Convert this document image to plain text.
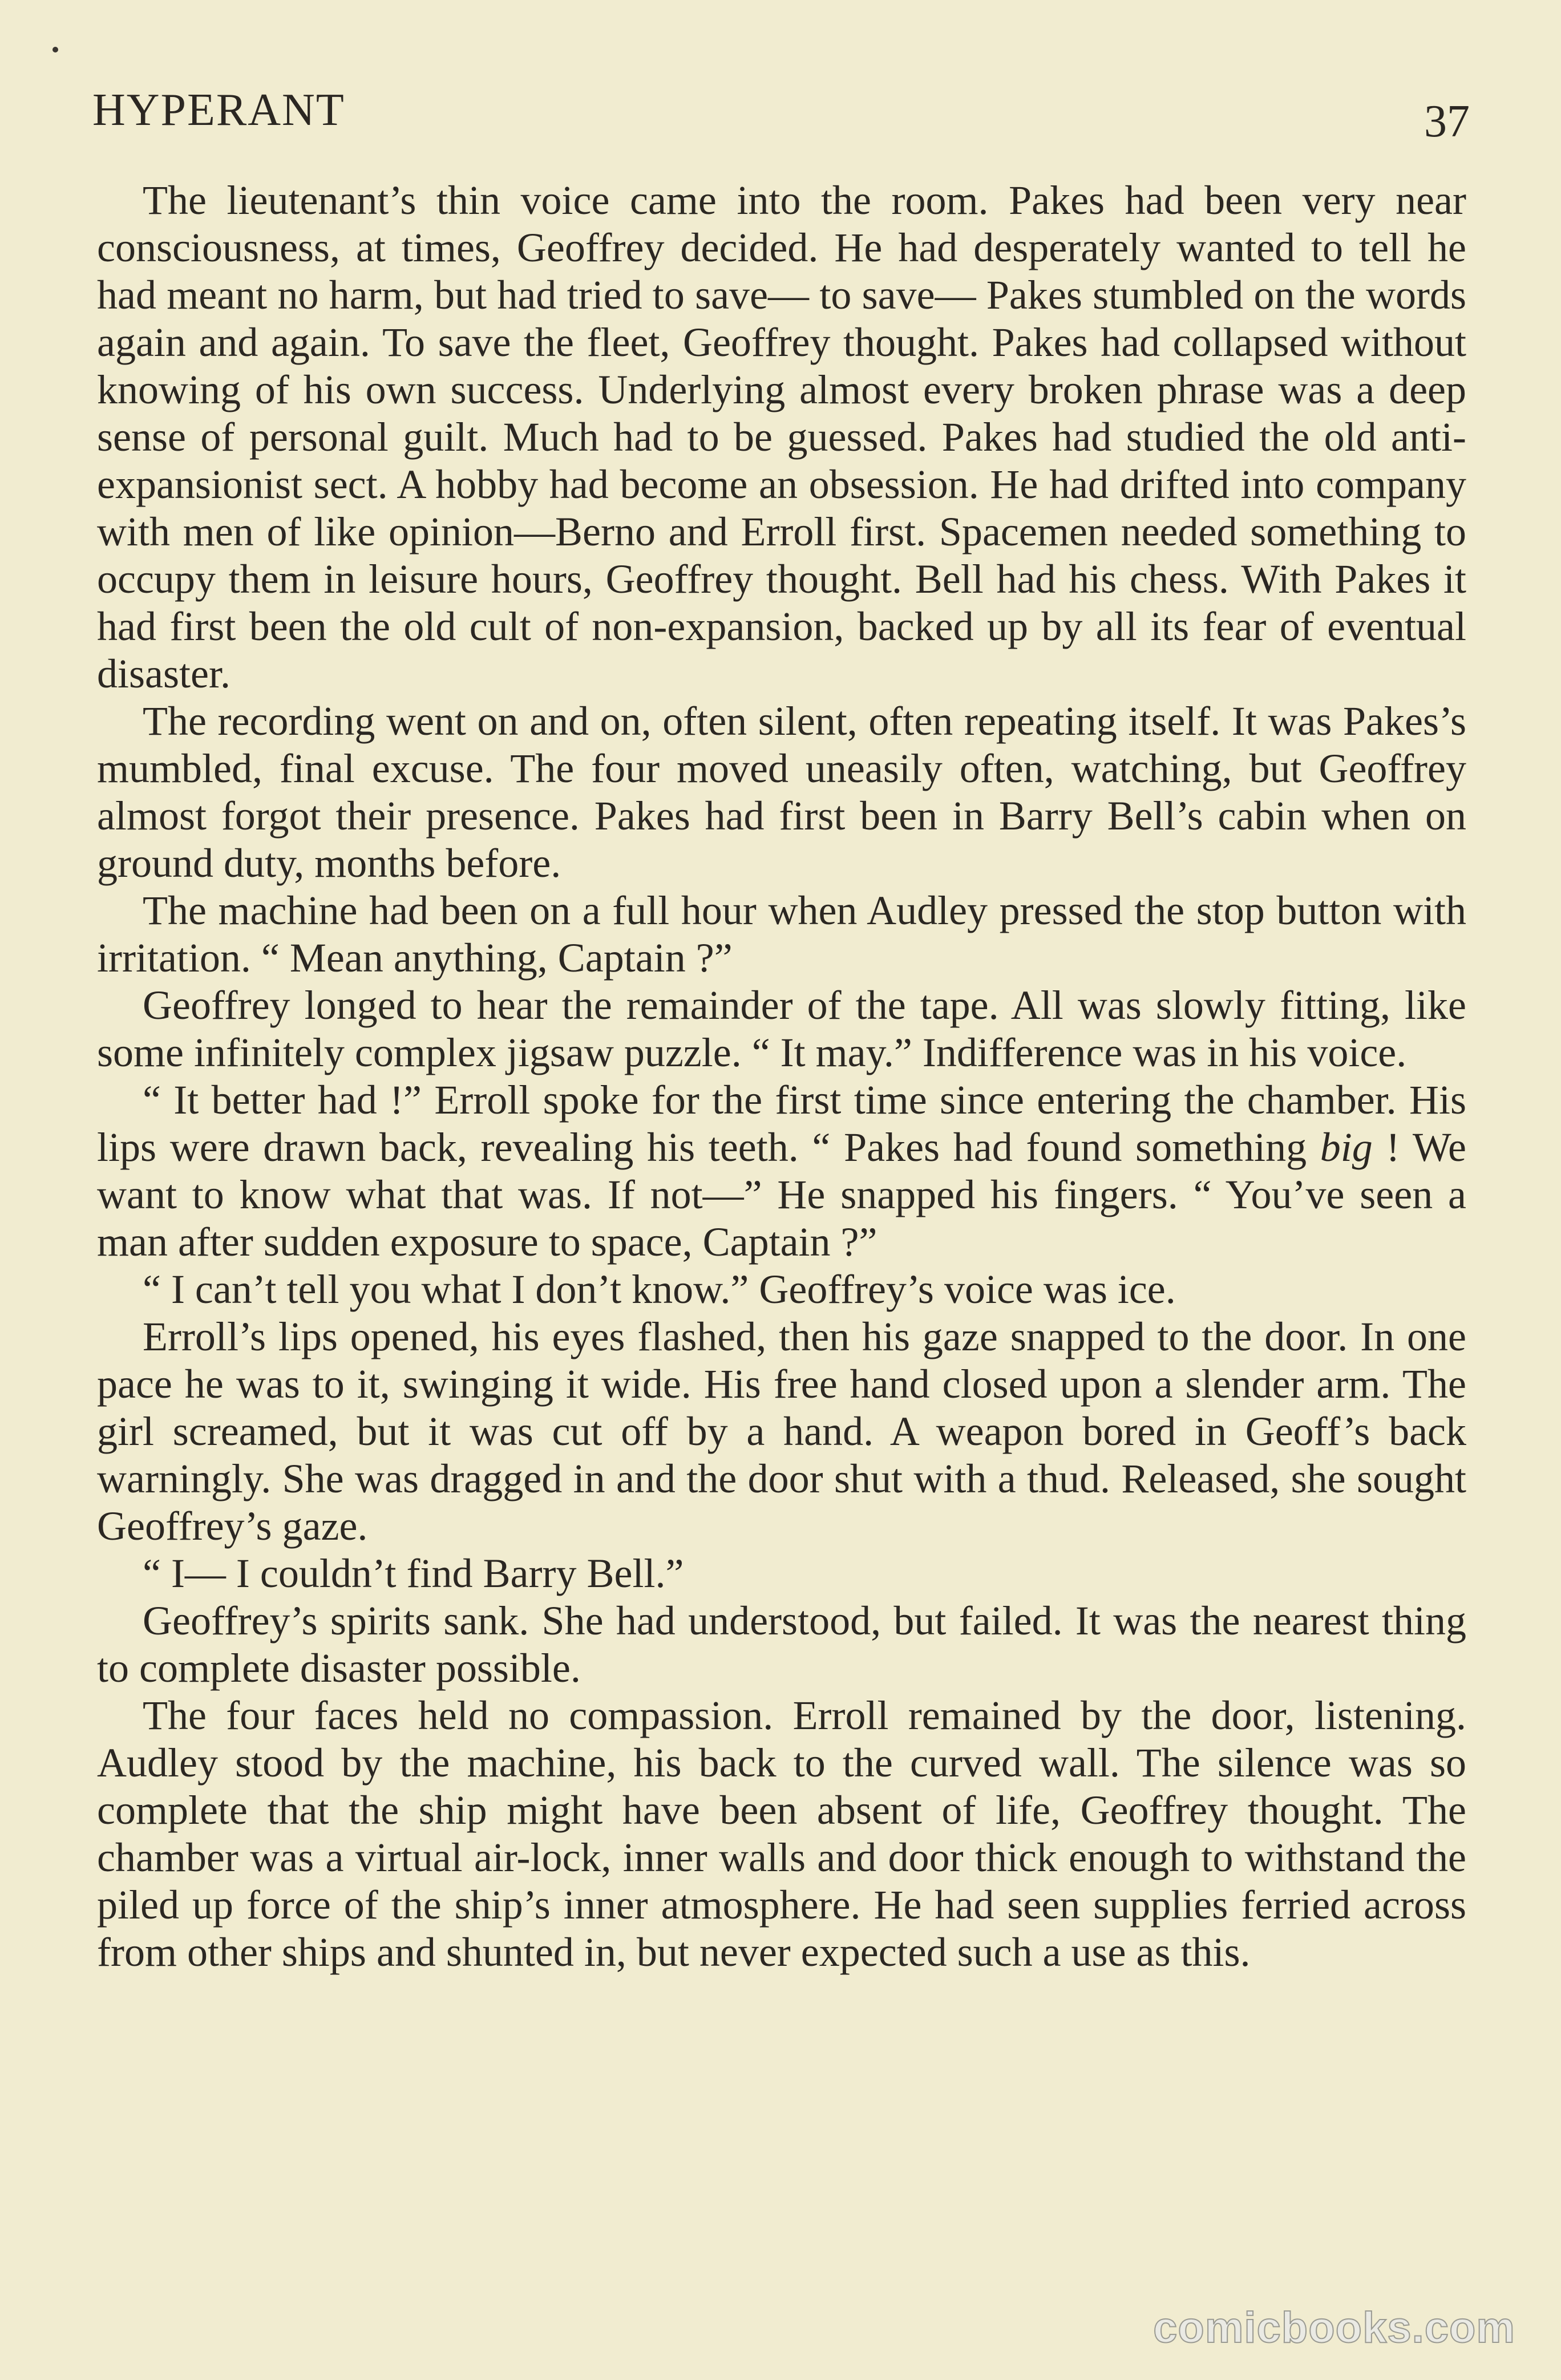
HYPERANT	37

The lieutenant’s thin voice came into the room. Pakes had been very near consciousness, at times, Geoffrey decided. He had desperately wanted to tell he had meant no harm, but had tried to save— to save— Pakes stumbled on the words again and again. To save the fleet, Geoffrey thought. Pakes had collapsed without knowing of his own success. Underlying almost every broken phrase was a deep sense of personal guilt. Much had to be guessed. Pakes had studied the old anti-expansionist sect. A hobby had become an obsession. He had drifted into company with men of like opinion—Berno and Erroll first. Spacemen needed something to occupy them in leisure hours, Geoffrey thought. Bell had his chess. With Pakes it had first been the old cult of non-expansion, backed up by all its fear of eventual disaster.

The recording went on and on, often silent, often repeating itself. It was Pakes’s mumbled, final excuse. The four moved uneasily often, watching, but Geoffrey almost forgot their presence. Pakes had first been in Barry Bell’s cabin when on ground duty, months before.

The machine had been on a full hour when Audley pressed the stop button with irritation. “ Mean anything, Captain ?”

Geoffrey longed to hear the remainder of the tape. All was slowly fitting, like some infinitely complex jigsaw puzzle. “ It may.” Indifference was in his voice.

“ It better had !” Erroll spoke for the first time since entering the chamber. His lips were drawn back, revealing his teeth. “ Pakes had found something big ! We want to know what that was. If not—” He snapped his fingers. “ You’ve seen a man after sudden exposure to space, Captain ?”

“ I can’t tell you what I don’t know.” Geoffrey’s voice was ice.

Erroll’s lips opened, his eyes flashed, then his gaze snapped to the door. In one pace he was to it, swinging it wide. His free hand closed upon a slender arm. The girl screamed, but it was cut off by a hand. A weapon bored in Geoff’s back warningly. She was dragged in and the door shut with a thud. Released, she sought Geoffrey’s gaze.

“ I— I couldn’t find Barry Bell.”

Geoffrey’s spirits sank. She had understood, but failed. It was the nearest thing to complete disaster possible.

The four faces held no compassion. Erroll remained by the door, listening. Audley stood by the machine, his back to the curved wall. The silence was so complete that the ship might have been absent of life, Geoffrey thought. The chamber was a virtual air-lock, inner walls and door thick enough to withstand the piled up force of the ship’s inner atmosphere. He had seen supplies ferried across from other ships and shunted in, but never expected such a use as this.

comicbooks.com
